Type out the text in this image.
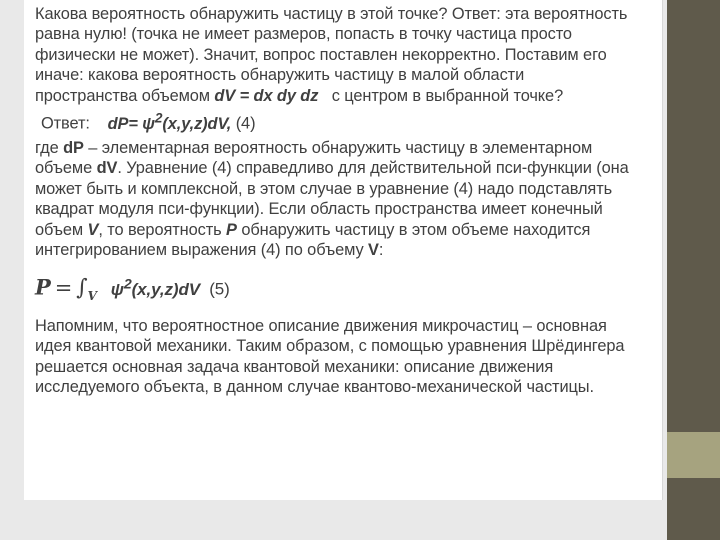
Какова вероятность обнаружить частицу в этой точке? Ответ: эта вероятность равна нулю! (точка не имеет размеров, попасть в точку частица просто физически не может). Значит, вопрос поставлен некорректно. Поставим его иначе: какова вероятность обнаружить частицу в малой области пространства объемом dV = dx dy dz с центром в выбранной точке?

Ответ: $dP= \psi^2(x,y,z)dV$, (4)

где dP – элементарная вероятность обнаружить частицу в элементарном объеме dV. Уравнение (4) справедливо для действительной пси-функции (она может быть и комплексной, в этом случае в уравнение (4) надо подставлять квадрат модуля пси-функции). Если область пространства имеет конечный объем V, то вероятность P обнаружить частицу в этом объеме находится интегрированием выражения (4) по объему V:

$P = \int_V$ $\psi^2(x,y,z)dV$ (5)

Напомним, что вероятностное описание движения микрочастиц – основная идея квантовой механики. Таким образом, с помощью уравнения Шрёдингера решается основная задача квантовой механики: описание движения исследуемого объекта, в данном случае квантово-механической частицы.
